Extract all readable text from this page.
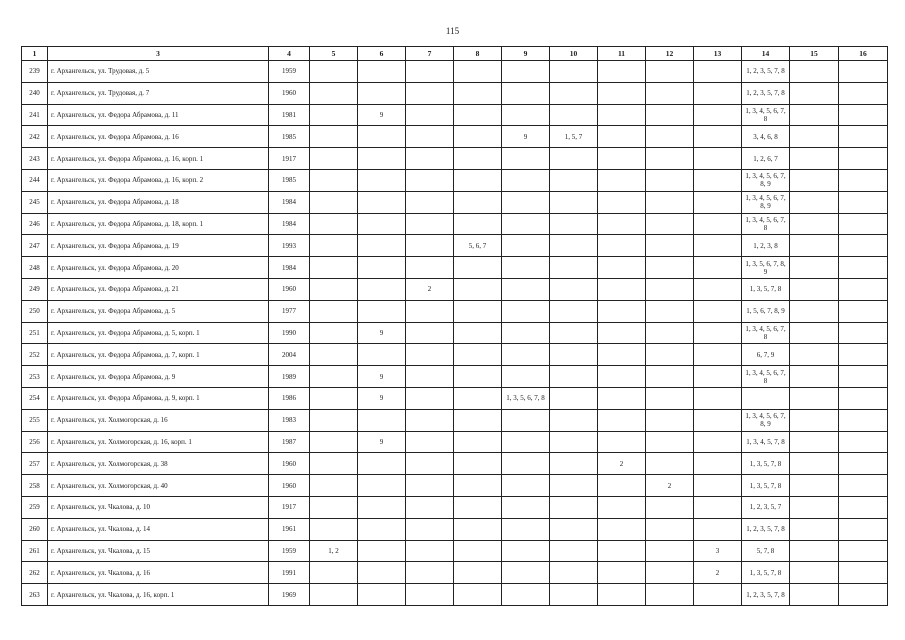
115
1	3	4	5	6	7	8	9	10	11	12	13	14	15	16
239	г. Архангельск, ул. Трудовая, д. 5	1959										1, 2, 3, 5, 7, 8		
240	г. Архангельск, ул. Трудовая, д. 7	1960										1, 2, 3, 5, 7, 8		
241	г. Архангельск, ул. Федора Абрамова, д. 11	1981		9								1, 3, 4, 5, 6, 7, 8		
242	г. Архангельск, ул. Федора Абрамова, д. 16	1985					9	1, 5, 7				3, 4, 6, 8		
243	г. Архангельск, ул. Федора Абрамова, д. 16, корп. 1	1917										1, 2, 6, 7		
244	г. Архангельск, ул. Федора Абрамова, д. 16, корп. 2	1985										1, 3, 4, 5, 6, 7, 8, 9		
245	г. Архангельск, ул. Федора Абрамова, д. 18	1984										1, 3, 4, 5, 6, 7, 8, 9		
246	г. Архангельск, ул. Федора Абрамова, д. 18, корп. 1	1984										1, 3, 4, 5, 6, 7, 8		
247	г. Архангельск, ул. Федора Абрамова, д. 19	1993				5, 6, 7						1, 2, 3, 8		
248	г. Архангельск, ул. Федора Абрамова, д. 20	1984										1, 3, 5, 6, 7, 8, 9		
249	г. Архангельск, ул. Федора Абрамова, д. 21	1960			2							1, 3, 5, 7, 8		
250	г. Архангельск, ул. Федора Абрамова, д. 5	1977										1, 5, 6, 7, 8, 9		
251	г. Архангельск, ул. Федора Абрамова, д. 5, корп. 1	1990		9								1, 3, 4, 5, 6, 7, 8		
252	г. Архангельск, ул. Федора Абрамова, д. 7, корп. 1	2004										6, 7, 9		
253	г. Архангельск, ул. Федора Абрамова, д. 9	1989		9								1, 3, 4, 5, 6, 7, 8		
254	г. Архангельск, ул. Федора Абрамова, д. 9, корп. 1	1986		9			1, 3, 5, 6, 7, 8							
255	г. Архангельск, ул. Холмогорская, д. 16	1983										1, 3, 4, 5, 6, 7, 8, 9		
256	г. Архангельск, ул. Холмогорская, д. 16, корп. 1	1987		9								1, 3, 4, 5, 7, 8		
257	г. Архангельск, ул. Холмогорская, д. 38	1960							2			1, 3, 5, 7, 8		
258	г. Архангельск, ул. Холмогорская, д. 40	1960								2		1, 3, 5, 7, 8		
259	г. Архангельск, ул. Чкалова, д. 10	1917										1, 2, 3, 5, 7		
260	г. Архангельск, ул. Чкалова, д. 14	1961										1, 2, 3, 5, 7, 8		
261	г. Архангельск, ул. Чкалова, д. 15	1959	1, 2								3	5, 7, 8		
262	г. Архангельск, ул. Чкалова, д. 16	1991									2	1, 3, 5, 7, 8		
263	г. Архангельск, ул. Чкалова, д. 16, корп. 1	1969										1, 2, 3, 5, 7, 8		
